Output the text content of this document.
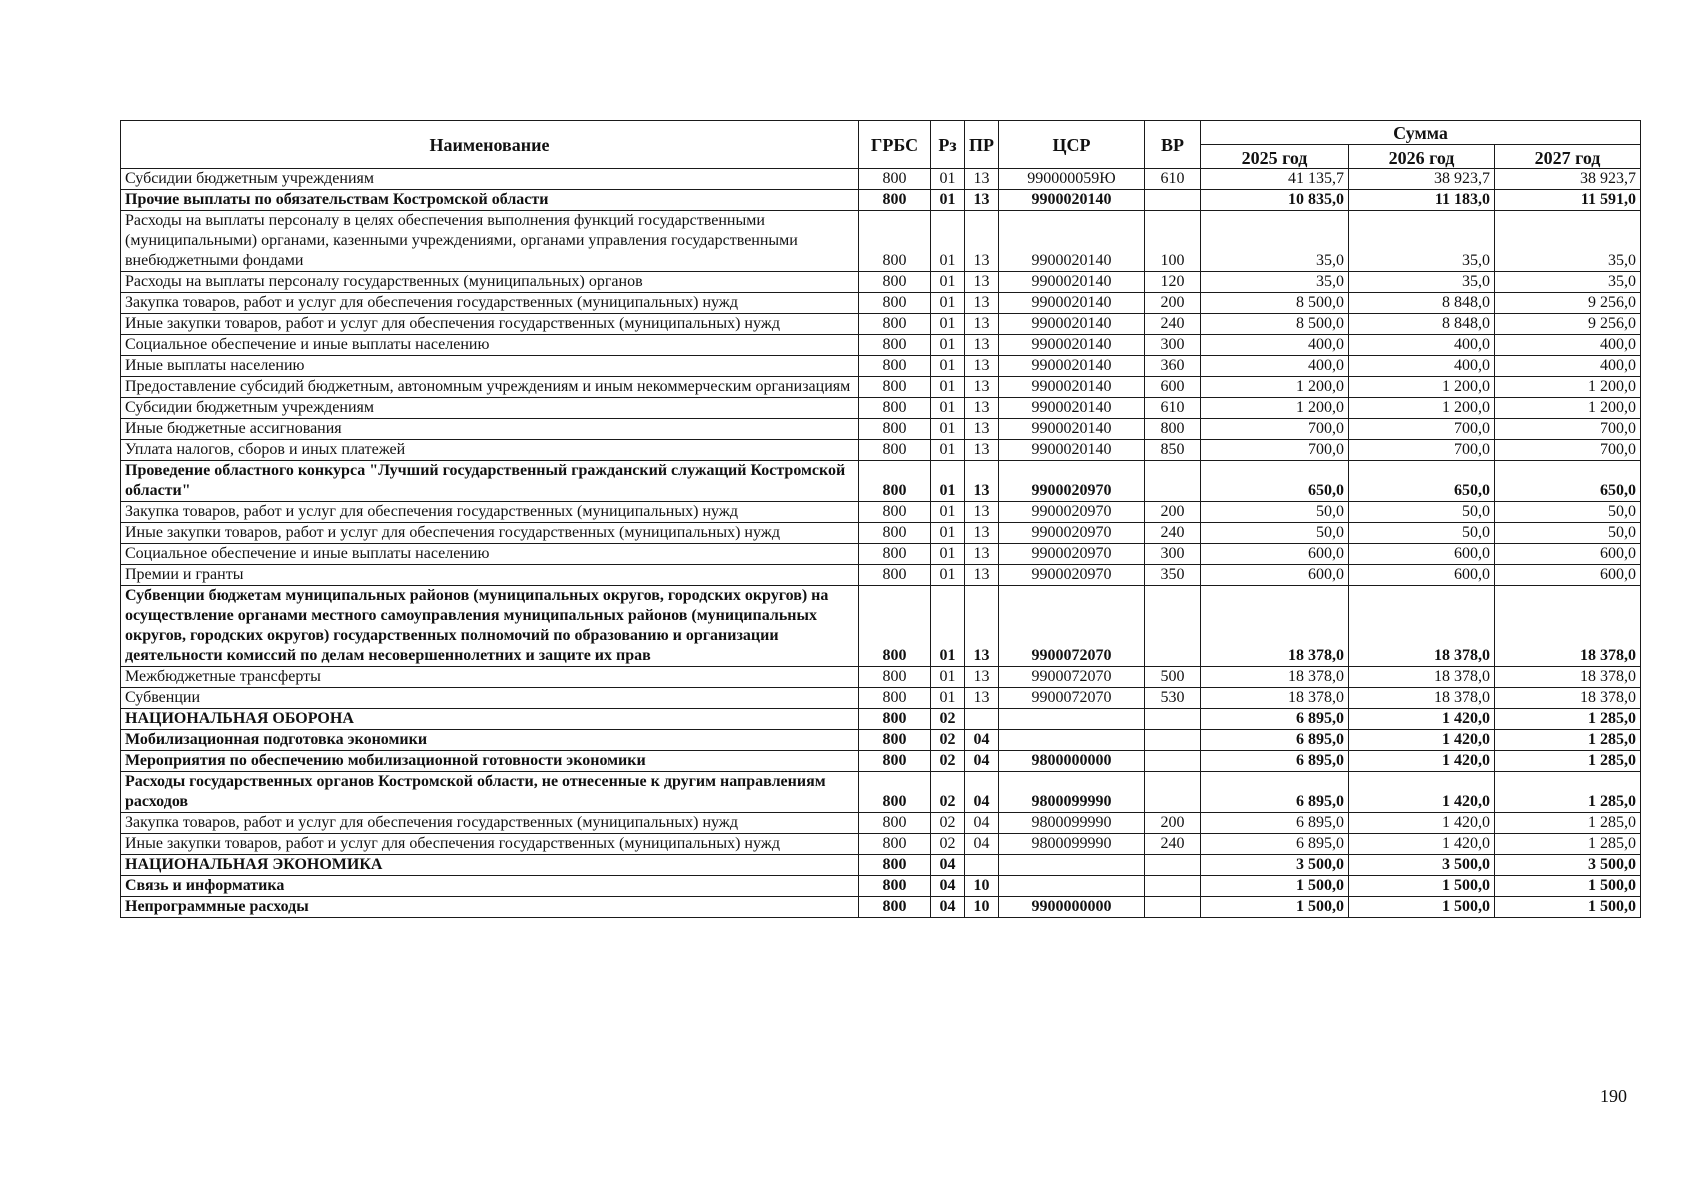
Наименование	ГРБС	Рз	ПР	ЦСР	ВР	Сумма		
						2025 год	2026 год	2027 год
Субсидии бюджетным учреждениям	800	01	13	990000059Ю	610	41 135,7	38 923,7	38 923,7
Прочие выплаты по обязательствам Костромской области	800	01	13	9900020140		10 835,0	11 183,0	11 591,0
Расходы на выплаты персоналу в целях обеспечения выполнения функций государственными (муниципальными) органами, казенными учреждениями, органами управления государственными внебюджетными фондами	800	01	13	9900020140	100	35,0	35,0	35,0
Расходы на выплаты персоналу государственных (муниципальных) органов	800	01	13	9900020140	120	35,0	35,0	35,0
Закупка товаров, работ и услуг для обеспечения государственных (муниципальных) нужд	800	01	13	9900020140	200	8 500,0	8 848,0	9 256,0
Иные закупки товаров, работ и услуг для обеспечения государственных (муниципальных) нужд	800	01	13	9900020140	240	8 500,0	8 848,0	9 256,0
Социальное обеспечение и иные выплаты населению	800	01	13	9900020140	300	400,0	400,0	400,0
Иные выплаты населению	800	01	13	9900020140	360	400,0	400,0	400,0
Предоставление субсидий бюджетным, автономным учреждениям и иным некоммерческим организациям	800	01	13	9900020140	600	1 200,0	1 200,0	1 200,0
Субсидии бюджетным учреждениям	800	01	13	9900020140	610	1 200,0	1 200,0	1 200,0
Иные бюджетные ассигнования	800	01	13	9900020140	800	700,0	700,0	700,0
Уплата налогов, сборов и иных платежей	800	01	13	9900020140	850	700,0	700,0	700,0
Проведение областного конкурса "Лучший государственный гражданский служащий Костромской области"	800	01	13	9900020970		650,0	650,0	650,0
Закупка товаров, работ и услуг для обеспечения государственных (муниципальных) нужд	800	01	13	9900020970	200	50,0	50,0	50,0
Иные закупки товаров, работ и услуг для обеспечения государственных (муниципальных) нужд	800	01	13	9900020970	240	50,0	50,0	50,0
Социальное обеспечение и иные выплаты населению	800	01	13	9900020970	300	600,0	600,0	600,0
Премии и гранты	800	01	13	9900020970	350	600,0	600,0	600,0
Субвенции бюджетам муниципальных районов (муниципальных округов, городских округов) на осуществление органами местного самоуправления муниципальных районов (муниципальных округов, городских округов) государственных полномочий по образованию и организации деятельности комиссий по делам несовершеннолетних и защите их прав	800	01	13	9900072070		18 378,0	18 378,0	18 378,0
Межбюджетные трансферты	800	01	13	9900072070	500	18 378,0	18 378,0	18 378,0
Субвенции	800	01	13	9900072070	530	18 378,0	18 378,0	18 378,0
НАЦИОНАЛЬНАЯ ОБОРОНА	800	02				6 895,0	1 420,0	1 285,0
Мобилизационная подготовка экономики	800	02	04			6 895,0	1 420,0	1 285,0
Мероприятия по обеспечению мобилизационной готовности экономики	800	02	04	9800000000		6 895,0	1 420,0	1 285,0
Расходы государственных органов Костромской области, не отнесенные к другим направлениям расходов	800	02	04	9800099990		6 895,0	1 420,0	1 285,0
Закупка товаров, работ и услуг для обеспечения государственных (муниципальных) нужд	800	02	04	9800099990	200	6 895,0	1 420,0	1 285,0
Иные закупки товаров, работ и услуг для обеспечения государственных (муниципальных) нужд	800	02	04	9800099990	240	6 895,0	1 420,0	1 285,0
НАЦИОНАЛЬНАЯ ЭКОНОМИКА	800	04				3 500,0	3 500,0	3 500,0
Связь и информатика	800	04	10			1 500,0	1 500,0	1 500,0
Непрограммные расходы	800	04	10	9900000000		1 500,0	1 500,0	1 500,0
190
